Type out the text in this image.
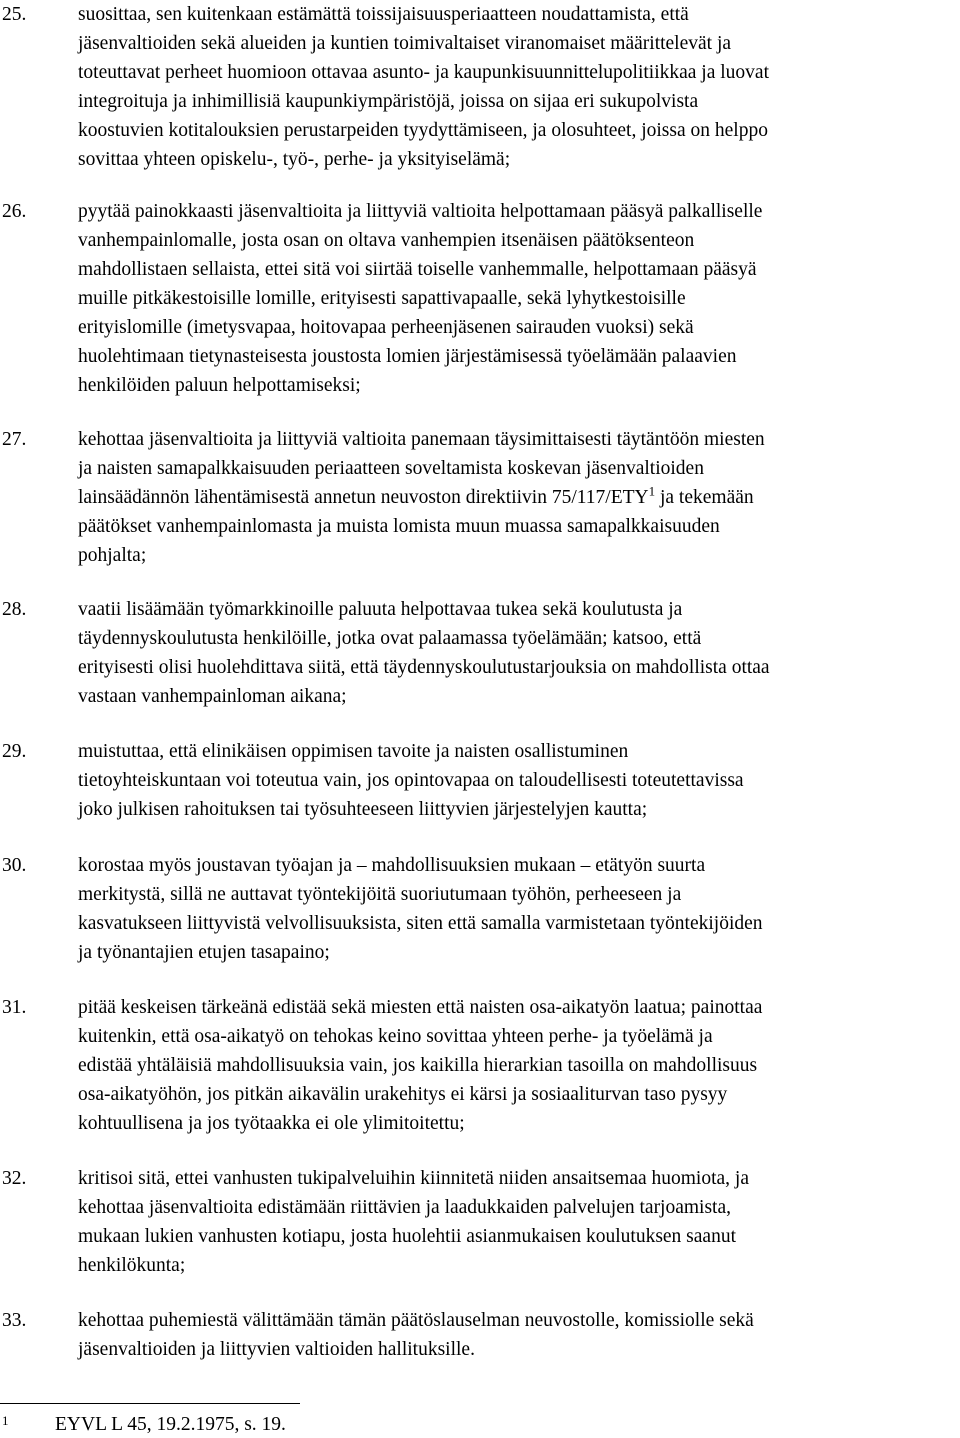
25.	suosittaa, sen kuitenkaan estämättä toissijaisuusperiaatteen noudattamista, että
jäsenvaltioiden sekä alueiden ja kuntien toimivaltaiset viranomaiset määrittelevät ja
toteuttavat perheet huomioon ottavaa asunto- ja kaupunkisuunnittelupolitiikkaa ja luovat
integroituja ja inhimillisiä kaupunkiympäristöjä, joissa on sijaa eri sukupolvista
koostuvien kotitalouksien perustarpeiden tyydyttämiseen, ja olosuhteet, joissa on helppo
sovittaa yhteen opiskelu-, työ-, perhe- ja yksityiselämä;
26.	pyytää painokkaasti jäsenvaltioita ja liittyviä valtioita helpottamaan pääsyä palkalliselle
vanhempainlomalle, josta osan on oltava vanhempien itsenäisen päätöksenteon
mahdollistaen sellaista, ettei sitä voi siirtää toiselle vanhemmalle, helpottamaan pääsyä
muille pitkäkestoisille lomille, erityisesti sapattivapaalle, sekä lyhytkestoisille
erityislomille (imetysvapaa, hoitovapaa perheenjäsenen sairauden vuoksi) sekä
huolehtimaan tietynasteisesta joustosta lomien järjestämisessä työelämään palaavien
henkilöiden paluun helpottamiseksi;
27.	kehottaa jäsenvaltioita ja liittyviä valtioita panemaan täysimittaisesti täytäntöön miesten
ja naisten samapalkkaisuuden periaatteen soveltamista koskevan jäsenvaltioiden
lainsäädännön lähentämisestä annetun neuvoston direktiivin 75/117/ETY$^1$ ja tekemään
päätökset vanhempainlomasta ja muista lomista muun muassa samapalkkaisuuden
pohjalta;
28.	vaatii lisäämään työmarkkinoille paluuta helpottavaa tukea sekä koulutusta ja
täydennyskoulutusta henkilöille, jotka ovat palaamassa työelämään; katsoo, että
erityisesti olisi huolehdittava siitä, että täydennyskoulutustarjouksia on mahdollista ottaa
vastaan vanhempainloman aikana;
29.	muistuttaa, että elinikäisen oppimisen tavoite ja naisten osallistuminen
tietoyhteiskuntaan voi toteutua vain, jos opintovapaa on taloudellisesti toteutettavissa
joko julkisen rahoituksen tai työsuhteeseen liittyvien järjestelyjen kautta;
30.	korostaa myös joustavan työajan ja – mahdollisuuksien mukaan – etätyön suurta
merkitystä, sillä ne auttavat työntekijöitä suoriutumaan työhön, perheeseen ja
kasvatukseen liittyvistä velvollisuuksista, siten että samalla varmistetaan työntekijöiden
ja työnantajien etujen tasapaino;
31.	pitää keskeisen tärkeänä edistää sekä miesten että naisten osa-aikatyön laatua; painottaa
kuitenkin, että osa-aikatyö on tehokas keino sovittaa yhteen perhe- ja työelämä ja
edistää yhtäläisiä mahdollisuuksia vain, jos kaikilla hierarkian tasoilla on mahdollisuus
osa-aikatyöhön, jos pitkän aikavälin urakehitys ei kärsi ja sosiaaliturvan taso pysyy
kohtuullisena ja jos työtaakka ei ole ylimitoitettu;
32.	kritisoi sitä, ettei vanhusten tukipalveluihin kiinnitetä niiden ansaitsemaa huomiota, ja
kehottaa jäsenvaltioita edistämään riittävien ja laadukkaiden palvelujen tarjoamista,
mukaan lukien vanhusten kotiapu, josta huolehtii asianmukaisen koulutuksen saanut
henkilökunta;
33.	kehottaa puhemiestä välittämään tämän päätöslauselman neuvostolle, komissiolle sekä
jäsenvaltioiden ja liittyvien valtioiden hallituksille.
1 EYVL L 45, 19.2.1975, s. 19.
